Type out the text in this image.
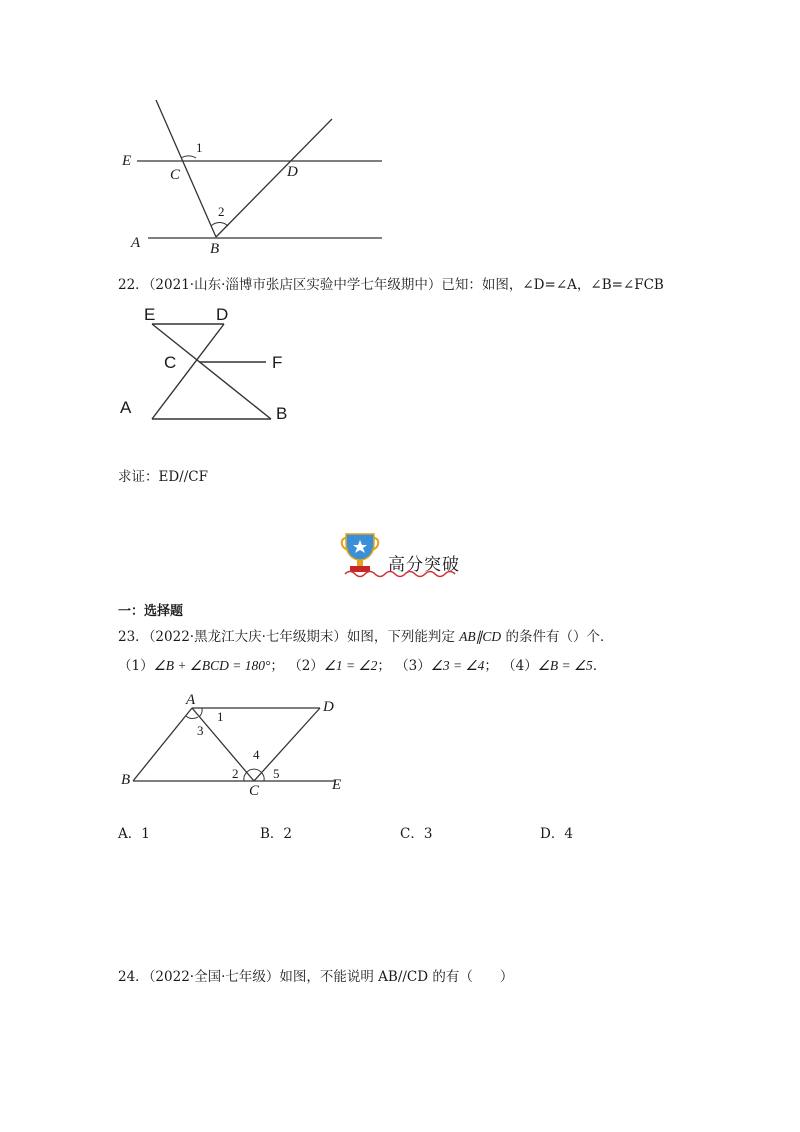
E
C	D
A	B
1
2
22．（2021·山东·淄博市张店区实验中学七年级期中）已知：如图，∠D=∠A，∠B=∠FCB
E	D
C	F
A	B
求证：ED//CF
高分突破
一：选择题
23．（2022·黑龙江大庆·七年级期末）如图，下列能判定 AB∥CD 的条件有（）个．
（1）∠B + ∠BCD = 180°； （2）∠1 = ∠2； （3）∠3 = ∠4； （4）∠B = ∠5．
A	D
B
C	E
1
3
4
2	5
A．1	B．2	C．3	D．4
24．（2022·全国·七年级）如图，不能说明 AB//CD 的有（　　）
